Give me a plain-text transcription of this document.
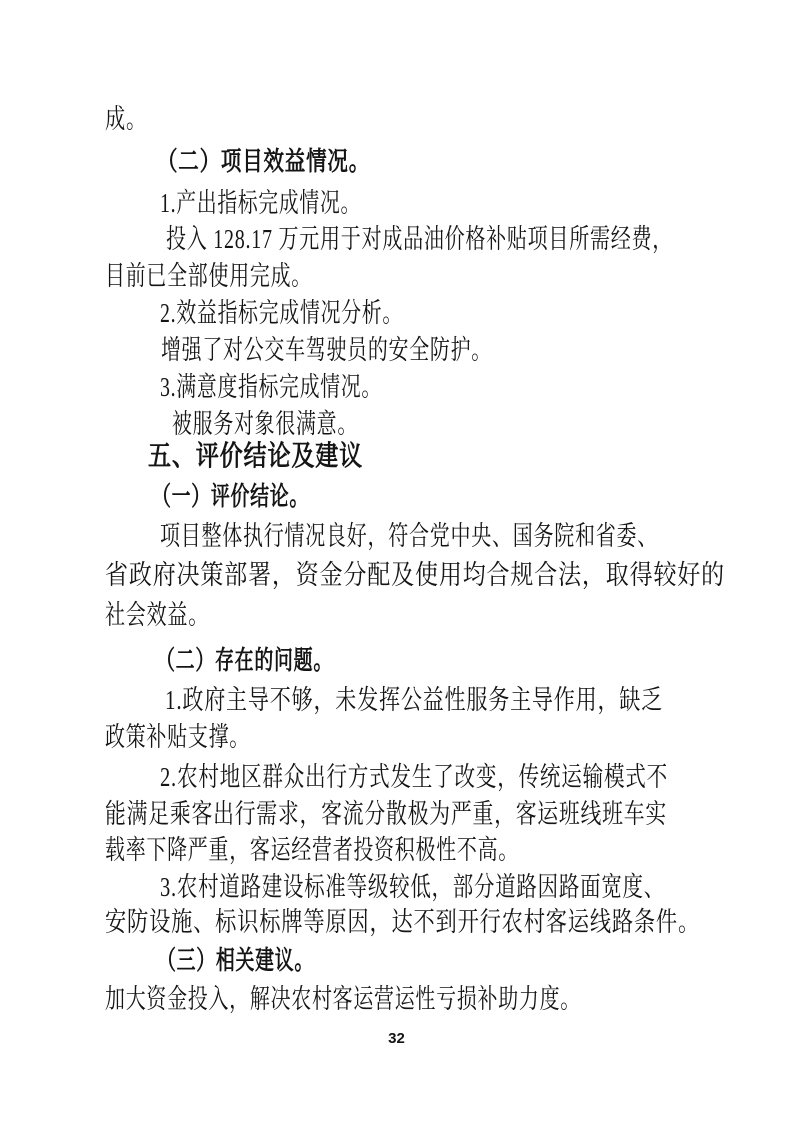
成。
（二）项目效益情况。
1.产出指标完成情况。
投入 128.17 万元用于对成品油价格补贴项目所需经费，
目前已全部使用完成。
2.效益指标完成情况分析。
增强了对公交车驾驶员的安全防护。
3.满意度指标完成情况。
被服务对象很满意。
五、评价结论及建议
（一）评价结论。
项目整体执行情况良好，符合党中央、国务院和省委、
省政府决策部署，资金分配及使用均合规合法，取得较好的
社会效益。
（二）存在的问题。
1.政府主导不够，未发挥公益性服务主导作用，缺乏
政策补贴支撑。
2.农村地区群众出行方式发生了改变，传统运输模式不
能满足乘客出行需求，客流分散极为严重，客运班线班车实
载率下降严重，客运经营者投资积极性不高。
3.农村道路建设标准等级较低，部分道路因路面宽度、
安防设施、标识标牌等原因，达不到开行农村客运线路条件。
（三）相关建议。
加大资金投入，解决农村客运营运性亏损补助力度。
32
